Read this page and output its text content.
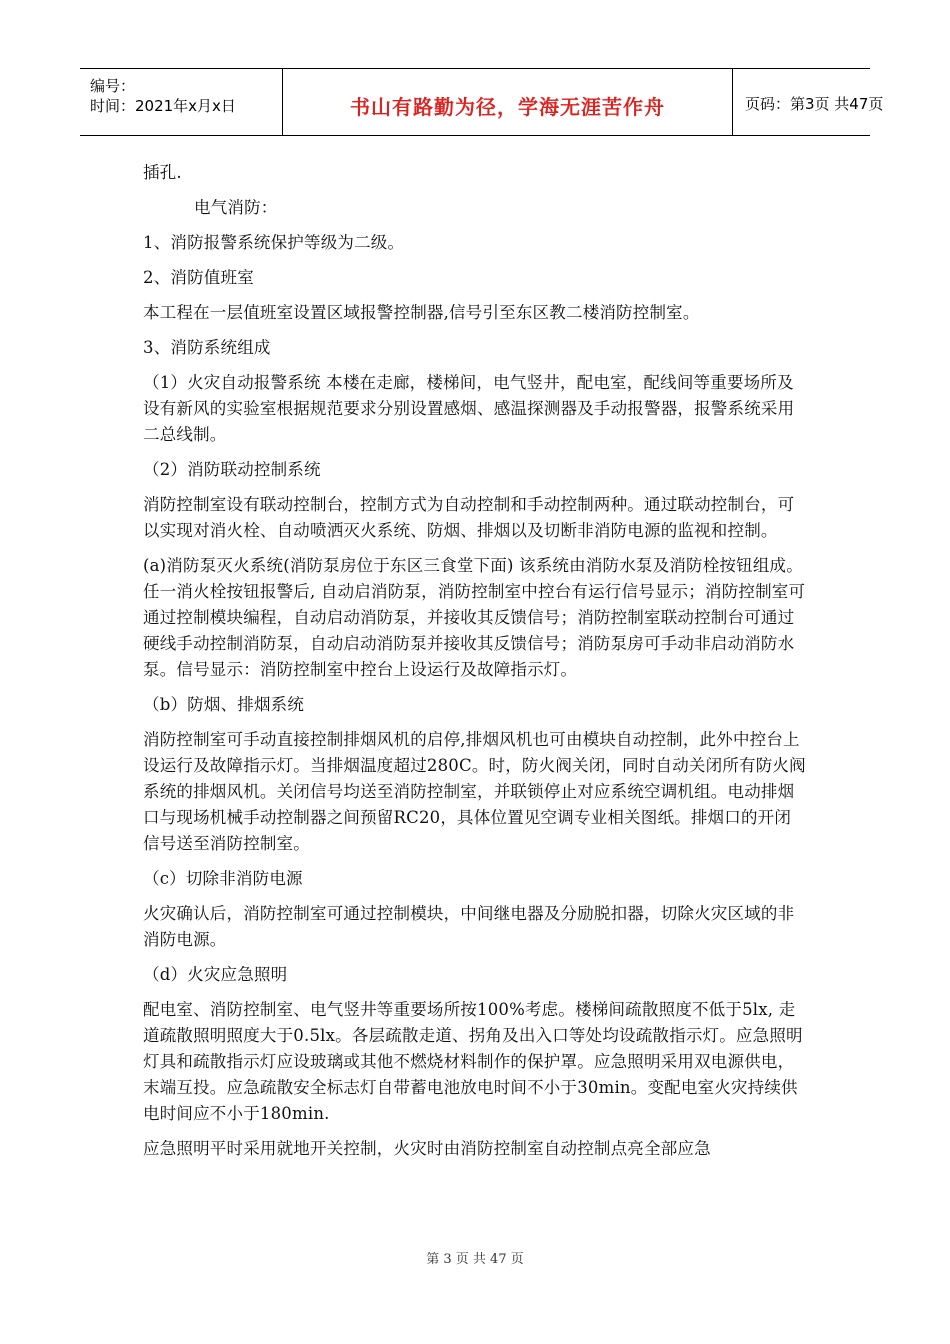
编号：
时间：2021年x月x日	书山有路勤为径，学海无涯苦作舟	页码：第3页 共47页

插孔.

电气消防：

1、消防报警系统保护等级为二级。

2、消防值班室

本工程在一层值班室设置区域报警控制器,信号引至东区教二楼消防控制室。

3、消防系统组成

（1）火灾自动报警系统 本楼在走廊，楼梯间，电气竖井，配电室，配线间等重要场所及设有新风的实验室根据规范要求分别设置感烟、感温探测器及手动报警器，报警系统采用二总线制。

（2）消防联动控制系统

消防控制室设有联动控制台，控制方式为自动控制和手动控制两种。通过联动控制台，可以实现对消火栓、自动喷洒灭火系统、防烟、排烟以及切断非消防电源的监视和控制。

(a)消防泵灭火系统(消防泵房位于东区三食堂下面) 该系统由消防水泵及消防栓按钮组成。任一消火栓按钮报警后, 自动启消防泵，消防控制室中控台有运行信号显示；消防控制室可通过控制模块编程，自动启动消防泵，并接收其反馈信号；消防控制室联动控制台可通过硬线手动控制消防泵，自动启动消防泵并接收其反馈信号；消防泵房可手动非启动消防水泵。信号显示：消防控制室中控台上设运行及故障指示灯。

（b）防烟、排烟系统

消防控制室可手动直接控制排烟风机的启停,排烟风机也可由模块自动控制，此外中控台上设运行及故障指示灯。当排烟温度超过280C。时，防火阀关闭，同时自动关闭所有防火阀系统的排烟风机。关闭信号均送至消防控制室，并联锁停止对应系统空调机组。电动排烟口与现场机械手动控制器之间预留RC20，具体位置见空调专业相关图纸。排烟口的开闭信号送至消防控制室。

（c）切除非消防电源

火灾确认后，消防控制室可通过控制模块，中间继电器及分励脱扣器，切除火灾区域的非消防电源。

（d）火灾应急照明

配电室、消防控制室、电气竖井等重要场所按100%考虑。楼梯间疏散照度不低于5lx, 走道疏散照明照度大于0.5lx。各层疏散走道、拐角及出入口等处均设疏散指示灯。应急照明灯具和疏散指示灯应设玻璃或其他不燃烧材料制作的保护罩。应急照明采用双电源供电，末端互投。应急疏散安全标志灯自带蓄电池放电时间不小于30min。变配电室火灾持续供电时间应不小于180min.

应急照明平时采用就地开关控制，火灾时由消防控制室自动控制点亮全部应急

第 3 页 共 47 页
